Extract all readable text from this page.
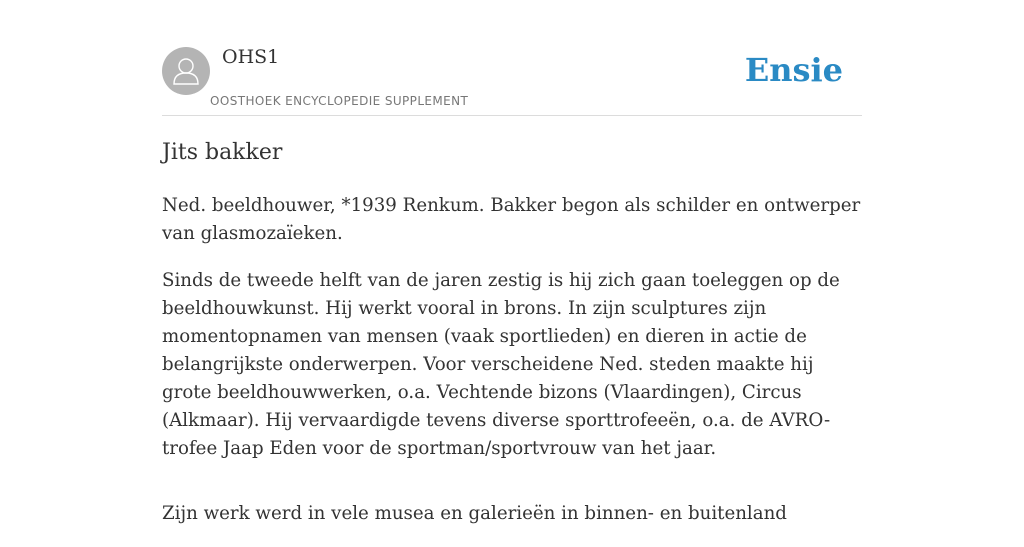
OHS1
OOSTHOEK ENCYCLOPEDIE SUPPLEMENT
Ensie
Jits bakker

Ned. beeldhouwer, *1939 Renkum. Bakker begon als schilder en ontwerper van glasmozaïeken.

Sinds de tweede helft van de jaren zestig is hij zich gaan toeleggen op de beeldhouwkunst. Hij werkt vooral in brons. In zijn sculptures zijn momentopnamen van mensen (vaak sportlieden) en dieren in actie de belangrijkste onderwerpen. Voor verscheidene Ned. steden maakte hij grote beeldhouwwerken, o.a. Vechtende bizons (Vlaardingen), Circus (Alkmaar). Hij vervaardigde tevens diverse sporttrofeeën, o.a. de AVRO-trofee Jaap Eden voor de sportman/sportvrouw van het jaar.

Zijn werk werd in vele musea en galerieën in binnen- en buitenland
